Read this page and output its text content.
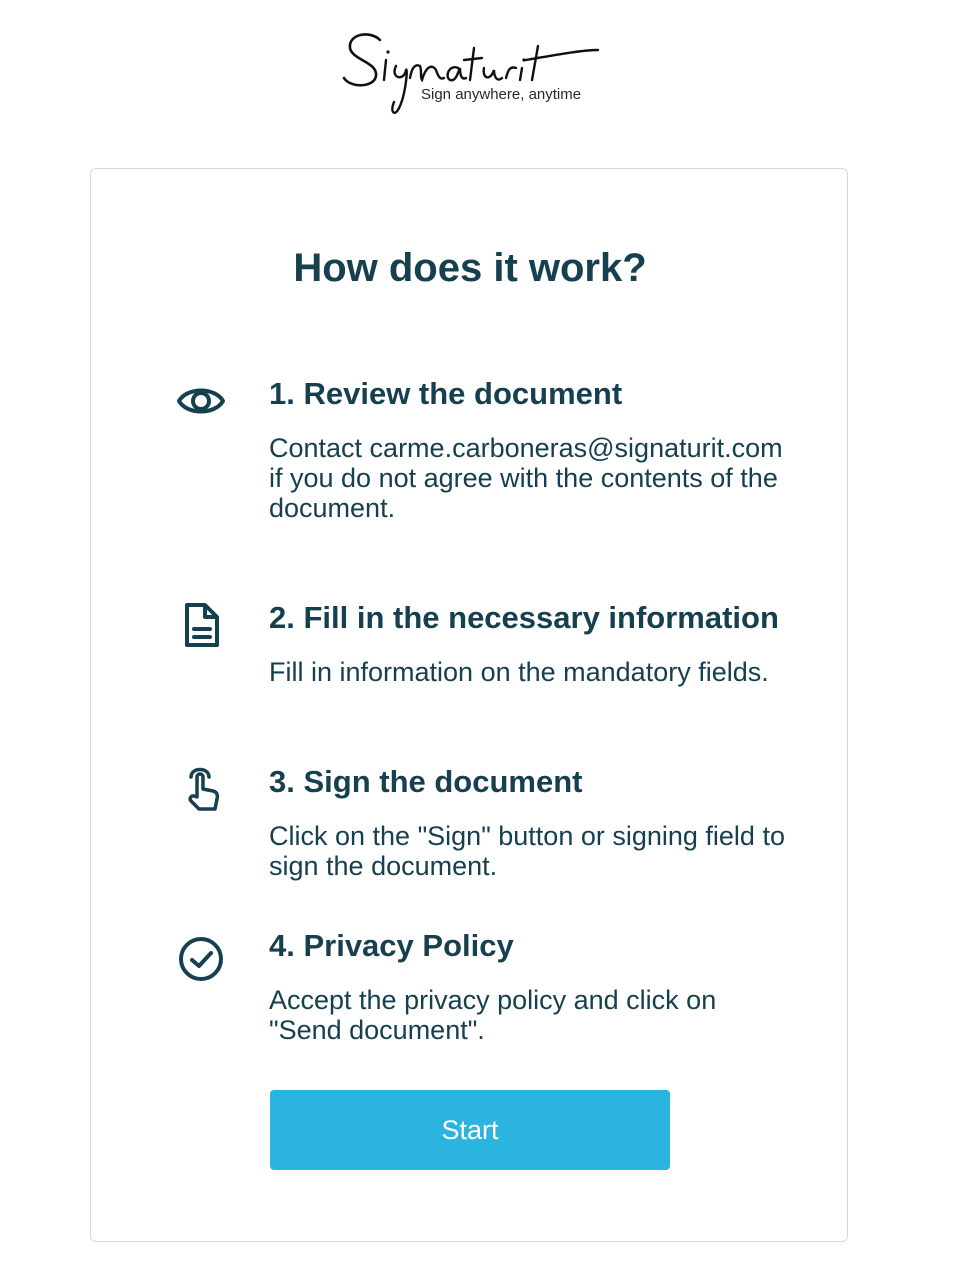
Sign anywhere, anytime
How does it work?
1. Review the document

Contact carme.carboneras@signaturit.com if you do not agree with the contents of the document.

2. Fill in the necessary information

Fill in information on the mandatory fields.

3. Sign the document

Click on the "Sign" button or signing field to sign the document.

4. Privacy Policy

Accept the privacy policy and click on "Send document".

Start
